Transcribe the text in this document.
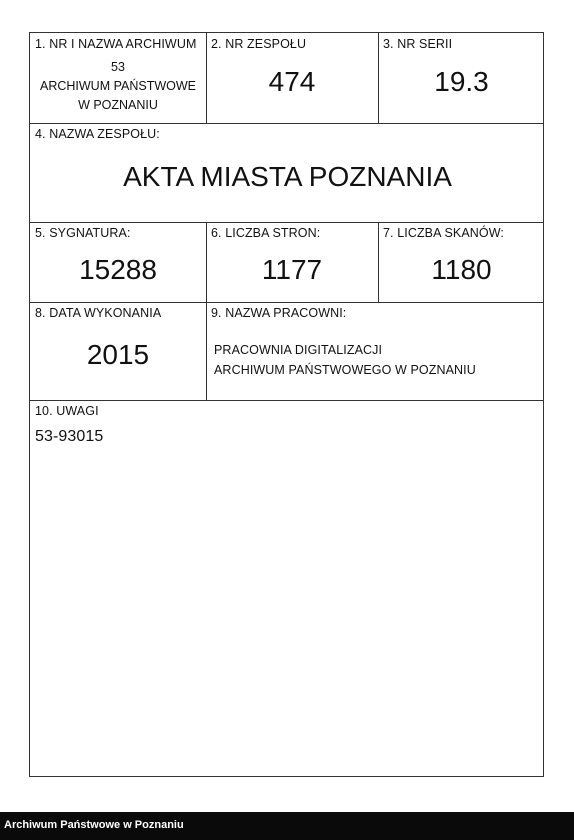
1. NR I NAZWA ARCHIWUM
53
ARCHIWUM PAŃSTWOWE
W POZNANIU
2. NR ZESPOŁU
474
3. NR SERII
19.3
4. NAZWA ZESPOŁU:
AKTA MIASTA POZNANIA
5. SYGNATURA:
15288
6. LICZBA STRON:
1177
7. LICZBA SKANÓW:
1180
8. DATA WYKONANIA
2015
9. NAZWA PRACOWNI:
PRACOWNIA DIGITALIZACJI
ARCHIWUM PAŃSTWOWEGO W POZNANIU
10. UWAGI
53-93015
Archiwum Państwowe w Poznaniu
